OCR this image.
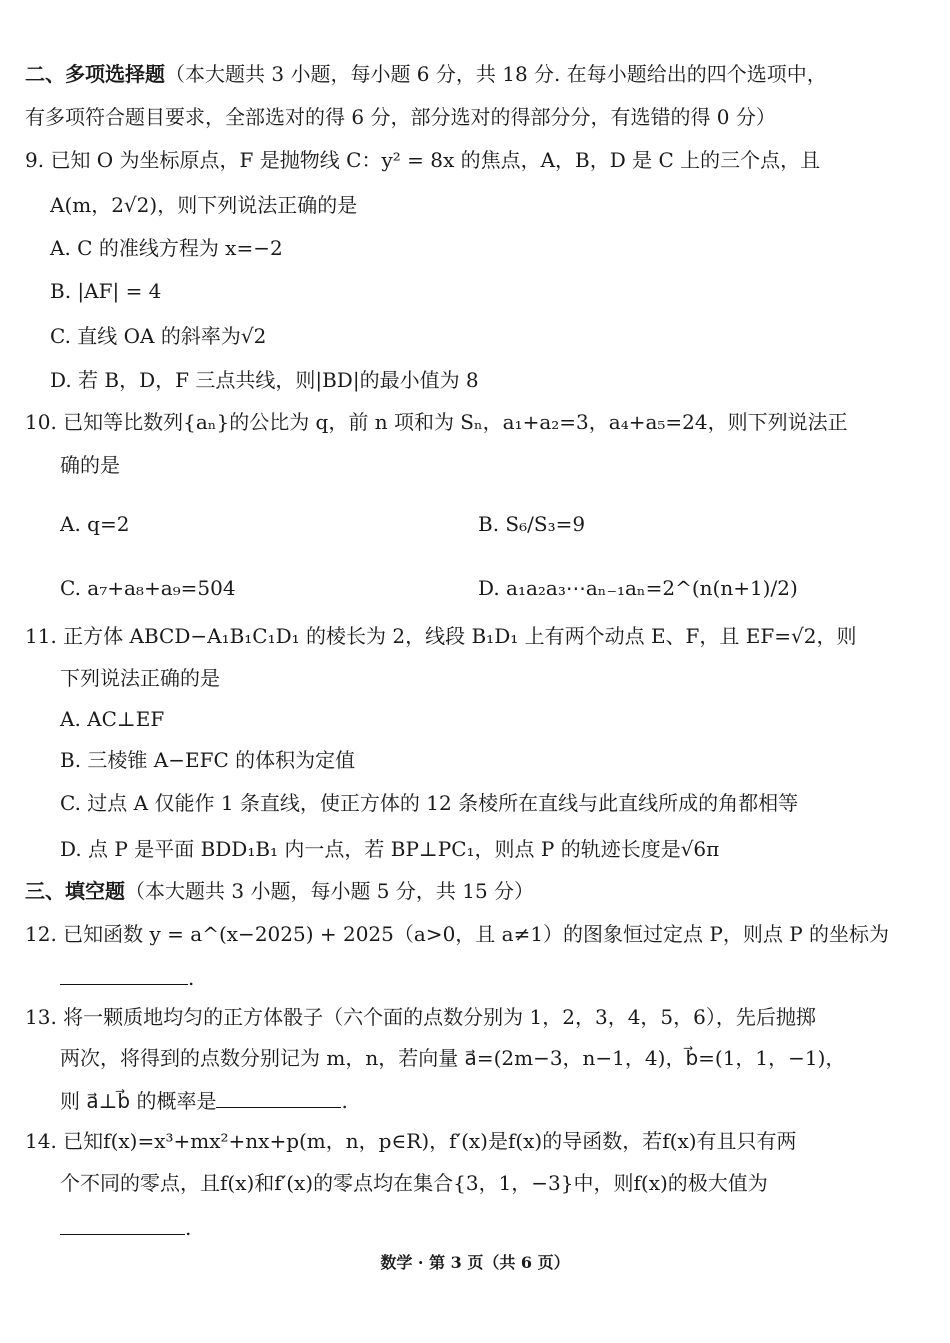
二、多项选择题（本大题共 3 小题，每小题 6 分，共 18 分. 在每小题给出的四个选项中，
有多项符合题目要求，全部选对的得 6 分，部分选对的得部分分，有选错的得 0 分）
9. 已知 O 为坐标原点，F 是抛物线 C：y² = 8x 的焦点，A，B，D 是 C 上的三个点，且
A(m，2√2)，则下列说法正确的是
A. C 的准线方程为 x=−2
B. |AF| = 4
C. 直线 OA 的斜率为√2
D. 若 B，D，F 三点共线，则|BD|的最小值为 8
10. 已知等比数列{aₙ}的公比为 q，前 n 项和为 Sₙ，a₁+a₂=3，a₄+a₅=24，则下列说法正
确的是
A. q=2	B. S₆/S₃=9
C. a₇+a₈+a₉=504	D. a₁a₂a₃⋯aₙ₋₁aₙ=2^(n(n+1)/2)
11. 正方体 ABCD−A₁B₁C₁D₁ 的棱长为 2，线段 B₁D₁ 上有两个动点 E、F，且 EF=√2，则
下列说法正确的是
A. AC⊥EF
B. 三棱锥 A−EFC 的体积为定值
C. 过点 A 仅能作 1 条直线，使正方体的 12 条棱所在直线与此直线所成的角都相等
D. 点 P 是平面 BDD₁B₁ 内一点，若 BP⊥PC₁，则点 P 的轨迹长度是√6π
三、填空题（本大题共 3 小题，每小题 5 分，共 15 分）
12. 已知函数 y = a^(x−2025) + 2025（a>0，且 a≠1）的图象恒过定点 P，则点 P 的坐标为
.
13. 将一颗质地均匀的正方体骰子（六个面的点数分别为 1，2，3，4，5，6），先后抛掷
两次，将得到的点数分别记为 m，n，若向量 a⃗=(2m−3，n−1，4)，b⃗=(1，1，−1)，
则 a⃗⊥b⃗ 的概率是	.
14. 已知f(x)=x³+mx²+nx+p(m，n，p∈R)，f′(x)是f(x)的导函数，若f(x)有且只有两
个不同的零点，且f(x)和f′(x)的零点均在集合{3，1，−3}中，则f(x)的极大值为
.
数学 · 第 3 页（共 6 页）
